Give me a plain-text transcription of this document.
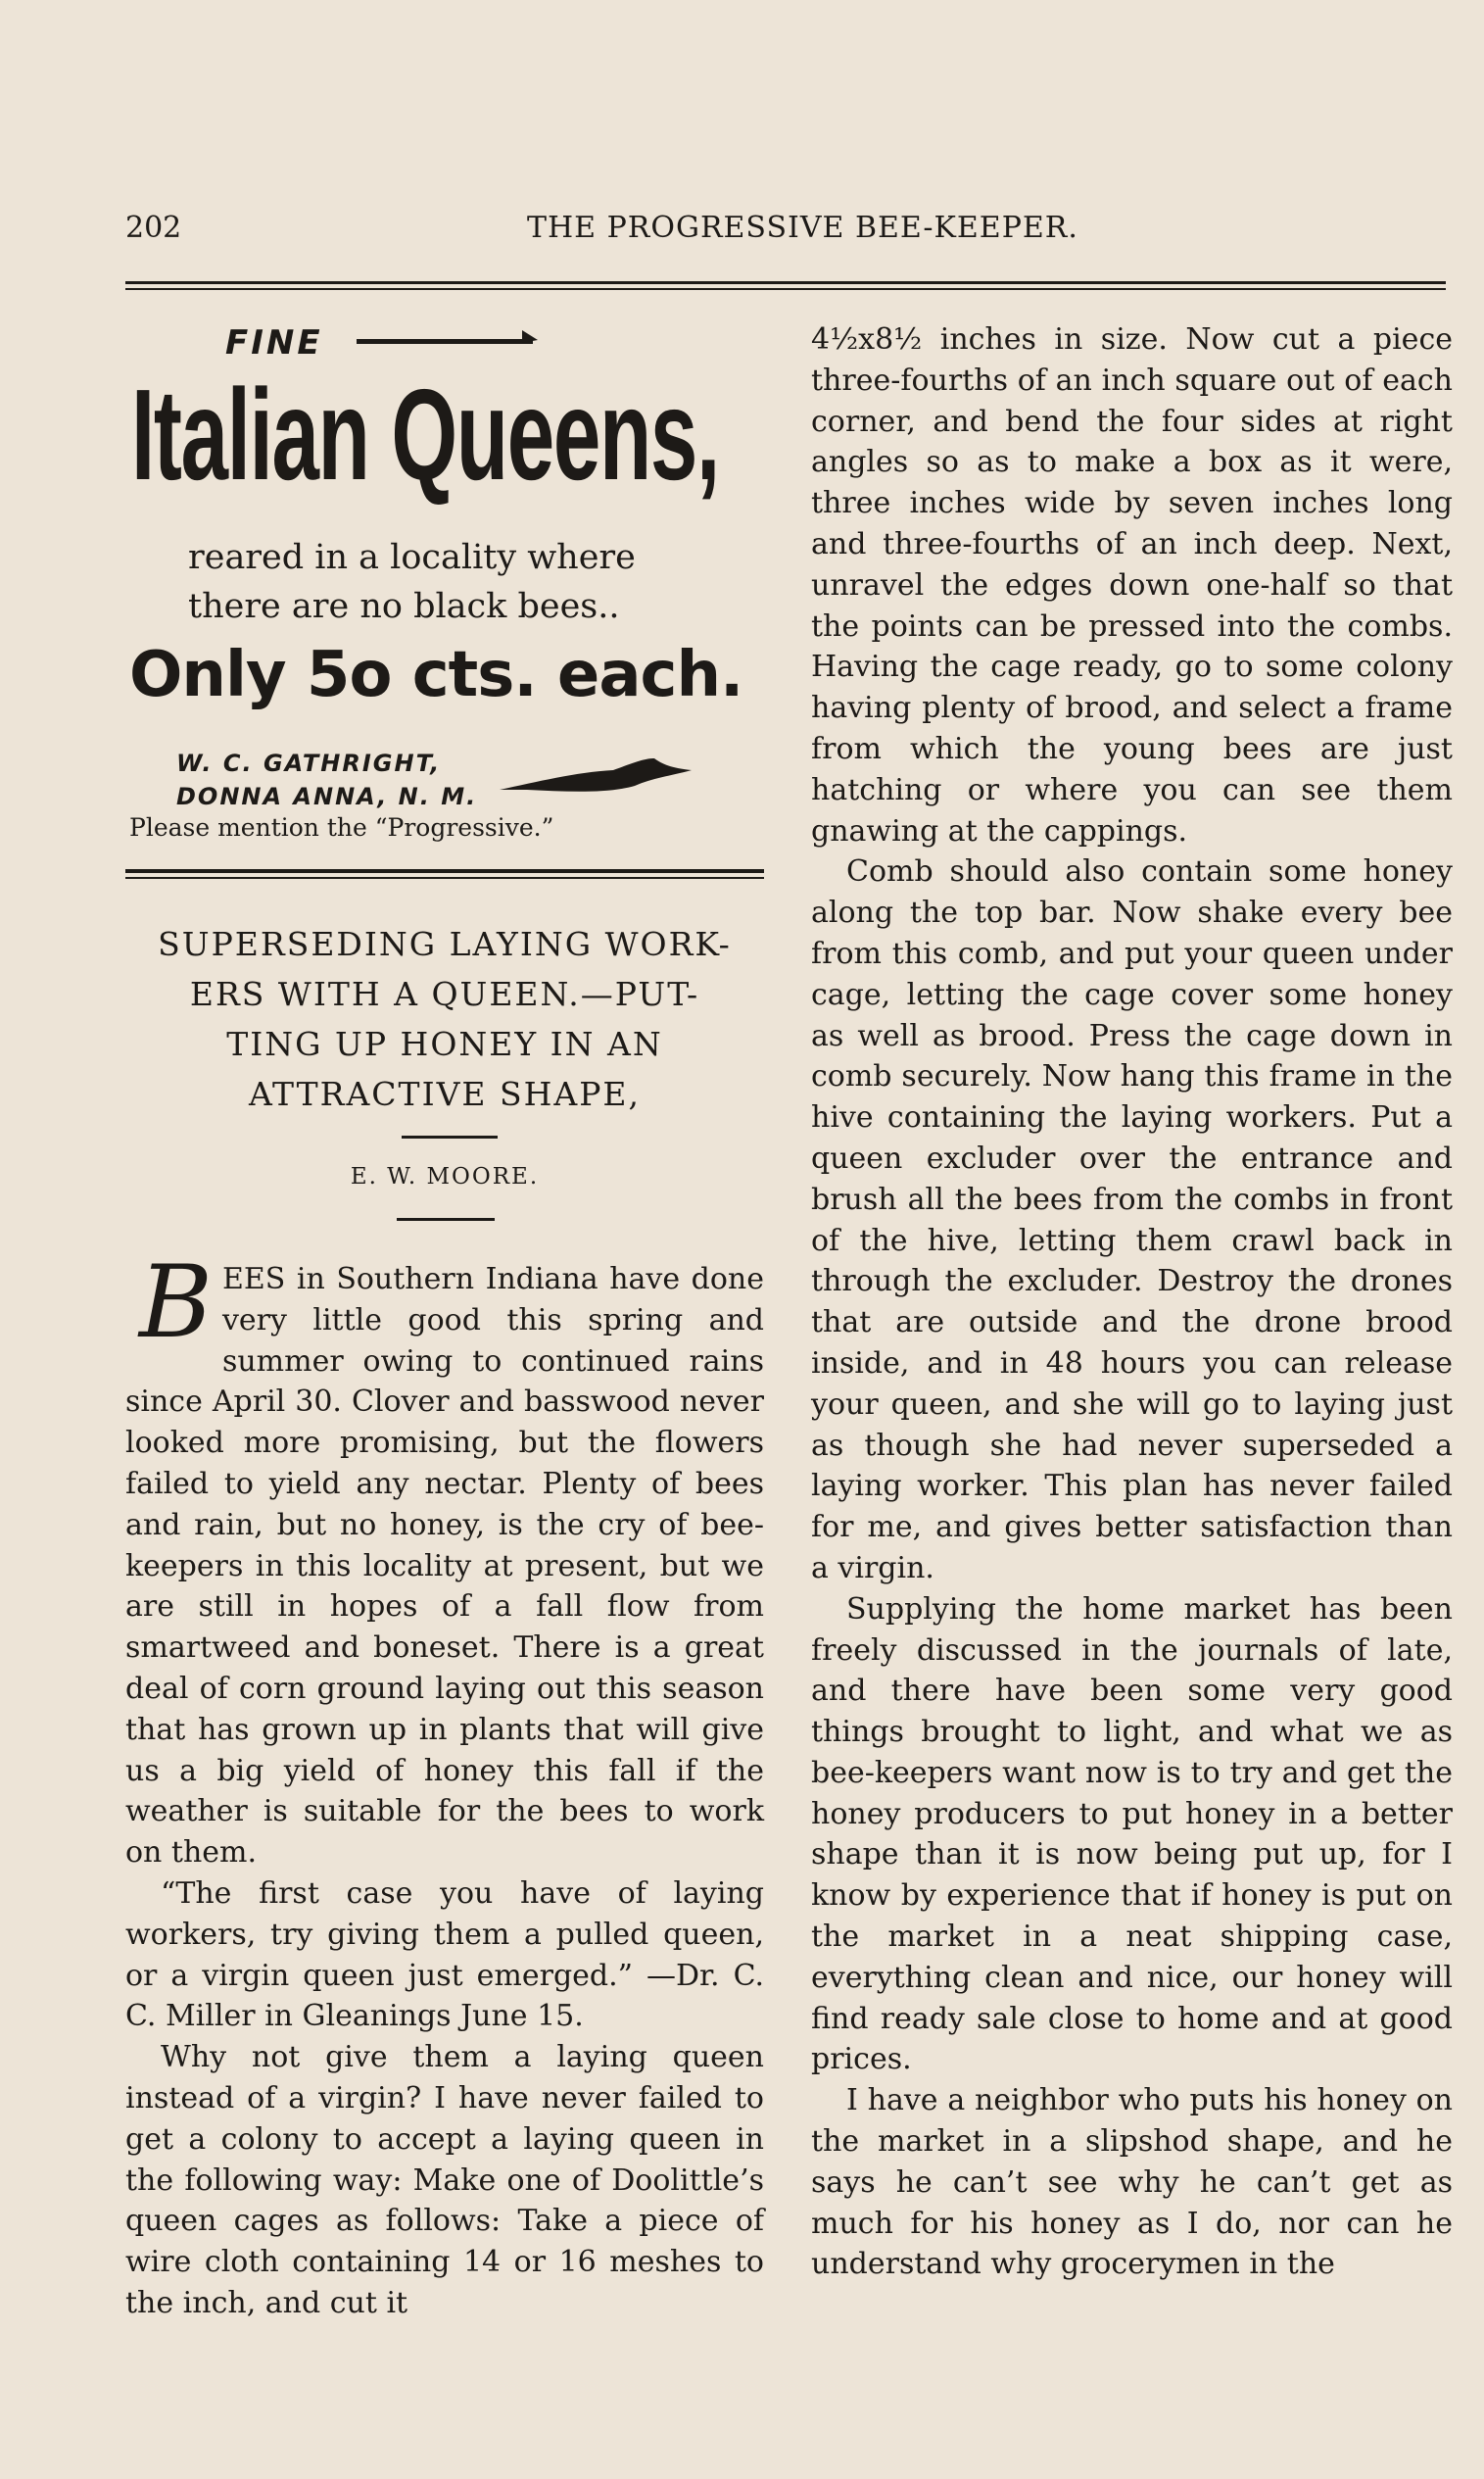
202	THE PROGRESSIVE BEE-KEEPER.
FINE
Italian Queens,
reared in a locality where
there are no black bees..
Only 5o cts. each.
W. C. GATHRIGHT,
DONNA ANNA, N. M.
Please mention the “Progressive.”
SUPERSEDING LAYING WORK-
ERS WITH A QUEEN.—PUT-
TING UP HONEY IN AN
ATTRACTIVE SHAPE,
E. W. MOORE.

BEES in Southern Indiana have done very little good this spring and summer owing to continued rains since April 30. Clover and basswood never looked more promising, but the flowers failed to yield any nectar. Plenty of bees and rain, but no honey, is the cry of bee-keepers in this locality at present, but we are still in hopes of a fall flow from smartweed and boneset. There is a great deal of corn ground laying out this season that has grown up in plants that will give us a big yield of honey this fall if the weather is suitable for the bees to work on them.

“The first case you have of laying workers, try giving them a pulled queen, or a virgin queen just emerged.” —Dr. C. C. Miller in Gleanings June 15.

Why not give them a laying queen instead of a virgin? I have never failed to get a colony to accept a laying queen in the following way: Make one of Doolittle’s queen cages as follows: Take a piece of wire cloth containing 14 or 16 meshes to the inch, and cut it

4½x8½ inches in size. Now cut a piece three-fourths of an inch square out of each corner, and bend the four sides at right angles so as to make a box as it were, three inches wide by seven inches long and three-fourths of an inch deep. Next, unravel the edges down one-half so that the points can be pressed into the combs. Having the cage ready, go to some colony having plenty of brood, and select a frame from which the young bees are just hatching or where you can see them gnawing at the cappings.

Comb should also contain some honey along the top bar. Now shake every bee from this comb, and put your queen under cage, letting the cage cover some honey as well as brood. Press the cage down in comb securely. Now hang this frame in the hive containing the laying workers. Put a queen excluder over the entrance and brush all the bees from the combs in front of the hive, letting them crawl back in through the excluder. Destroy the drones that are outside and the drone brood inside, and in 48 hours you can release your queen, and she will go to laying just as though she had never superseded a laying worker. This plan has never failed for me, and gives better satisfaction than a virgin.

Supplying the home market has been freely discussed in the journals of late, and there have been some very good things brought to light, and what we as bee-keepers want now is to try and get the honey producers to put honey in a better shape than it is now being put up, for I know by experience that if honey is put on the market in a neat shipping case, everything clean and nice, our honey will find ready sale close to home and at good prices.

I have a neighbor who puts his honey on the market in a slipshod shape, and he says he can’t see why he can’t get as much for his honey as I do, nor can he understand why grocerymen in the
